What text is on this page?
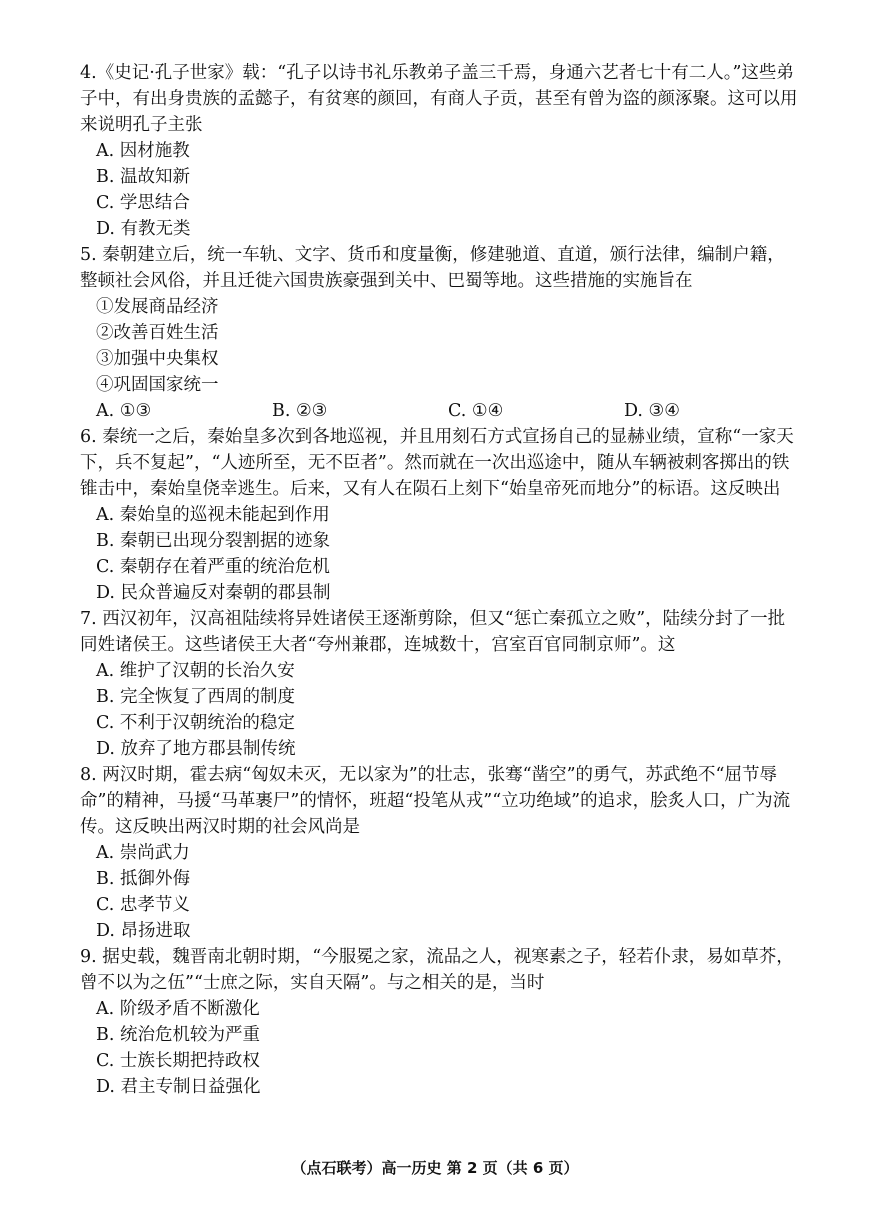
4.《史记·孔子世家》载：“孔子以诗书礼乐教弟子盖三千焉，身通六艺者七十有二人。”这些弟子中，有出身贵族的孟懿子，有贫寒的颜回，有商人子贡，甚至有曾为盗的颜涿聚。这可以用来说明孔子主张

A. 因材施教
B. 温故知新
C. 学思结合
D. 有教无类

5. 秦朝建立后，统一车轨、文字、货币和度量衡，修建驰道、直道，颁行法律，编制户籍，整顿社会风俗，并且迁徙六国贵族豪强到关中、巴蜀等地。这些措施的实施旨在

①发展商品经济
②改善百姓生活
③加强中央集权
④巩固国家统一
A. ①③	B. ②③	C. ①④	D. ③④

6. 秦统一之后，秦始皇多次到各地巡视，并且用刻石方式宣扬自己的显赫业绩，宣称“一家天下，兵不复起”，“人迹所至，无不臣者”。然而就在一次出巡途中，随从车辆被刺客掷出的铁锥击中，秦始皇侥幸逃生。后来，又有人在陨石上刻下“始皇帝死而地分”的标语。这反映出

A. 秦始皇的巡视未能起到作用
B. 秦朝已出现分裂割据的迹象
C. 秦朝存在着严重的统治危机
D. 民众普遍反对秦朝的郡县制

7. 西汉初年，汉高祖陆续将异姓诸侯王逐渐剪除，但又“惩亡秦孤立之败”，陆续分封了一批同姓诸侯王。这些诸侯王大者“夸州兼郡，连城数十，宫室百官同制京师”。这

A. 维护了汉朝的长治久安
B. 完全恢复了西周的制度
C. 不利于汉朝统治的稳定
D. 放弃了地方郡县制传统

8. 两汉时期，霍去病“匈奴未灭，无以家为”的壮志，张骞“凿空”的勇气，苏武绝不“屈节辱命”的精神，马援“马革裹尸”的情怀，班超“投笔从戎”“立功绝域”的追求，脍炙人口，广为流传。这反映出两汉时期的社会风尚是

A. 崇尚武力
B. 抵御外侮
C. 忠孝节义
D. 昂扬进取

9. 据史载，魏晋南北朝时期，“今服冕之家，流品之人，视寒素之子，轻若仆隶，易如草芥，曾不以为之伍”“士庶之际，实自天隔”。与之相关的是，当时

A. 阶级矛盾不断激化
B. 统治危机较为严重
C. 士族长期把持政权
D. 君主专制日益强化
（点石联考）高一历史 第 2 页（共 6 页）
